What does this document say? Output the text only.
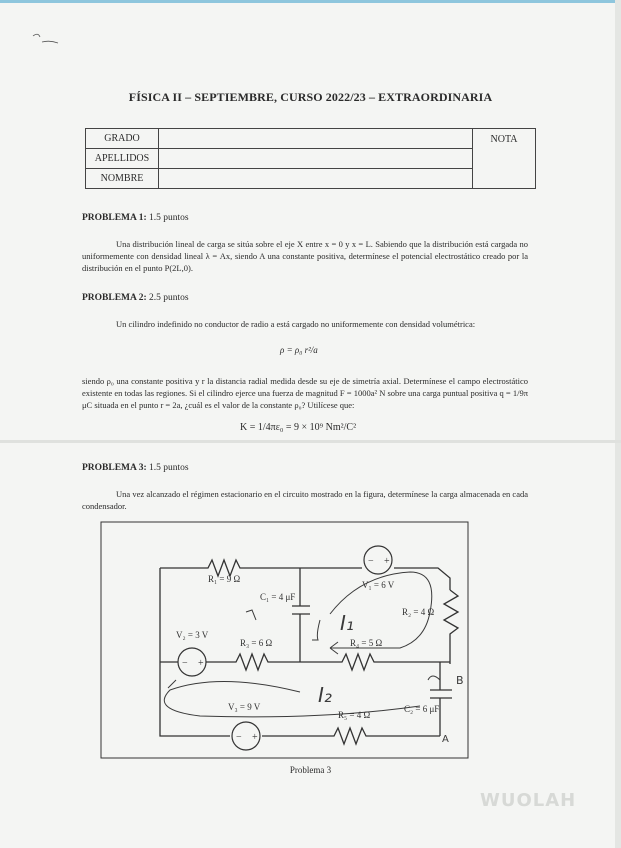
FÍSICA II – SEPTIEMBRE, CURSO 2022/23 – EXTRAORDINARIA
GRADO		NOTA
APELLIDOS		
NOMBRE		
PROBLEMA 1: 1.5 puntos
Una distribución lineal de carga se sitúa sobre el eje X entre x = 0 y x = L. Sabiendo que la distribución está cargada no uniformemente con densidad lineal λ = Ax, siendo A una constante positiva, determínese el potencial electrostático creado por la distribución en el punto P(2L,0).
PROBLEMA 2: 2.5 puntos
Un cilindro indefinido no conductor de radio a está cargado no uniformemente con densidad volumétrica:
ρ = ρ₀ r²/a
siendo ρ₀ una constante positiva y r la distancia radial medida desde su eje de simetría axial. Determínese el campo electrostático existente en todas las regiones. Si el cilindro ejerce una fuerza de magnitud F = 1000a² N sobre una carga puntual positiva q = 1/9π μC situada en el punto r = 2a, ¿cuál es el valor de la constante ρ₀? Utilícese que:
K = 1/4πε₀ = 9 × 10⁹ Nm²/C²
PROBLEMA 3: 1.5 puntos
Una vez alcanzado el régimen estacionario en el circuito mostrado en la figura, determínese la carga almacenada en cada condensador.
− +
− +
− +
R₁ = 9 Ω
V₁ = 6 V
R₂ = 4 Ω
C₁ = 4 μF
V₂ = 3 V
R₃ = 6 Ω	R₄ = 5 Ω
V₃ = 9 V
R₅ = 4 Ω
C₂ = 6 μF
I₁
I₂
B
A
Problema 3
WUOLAH
